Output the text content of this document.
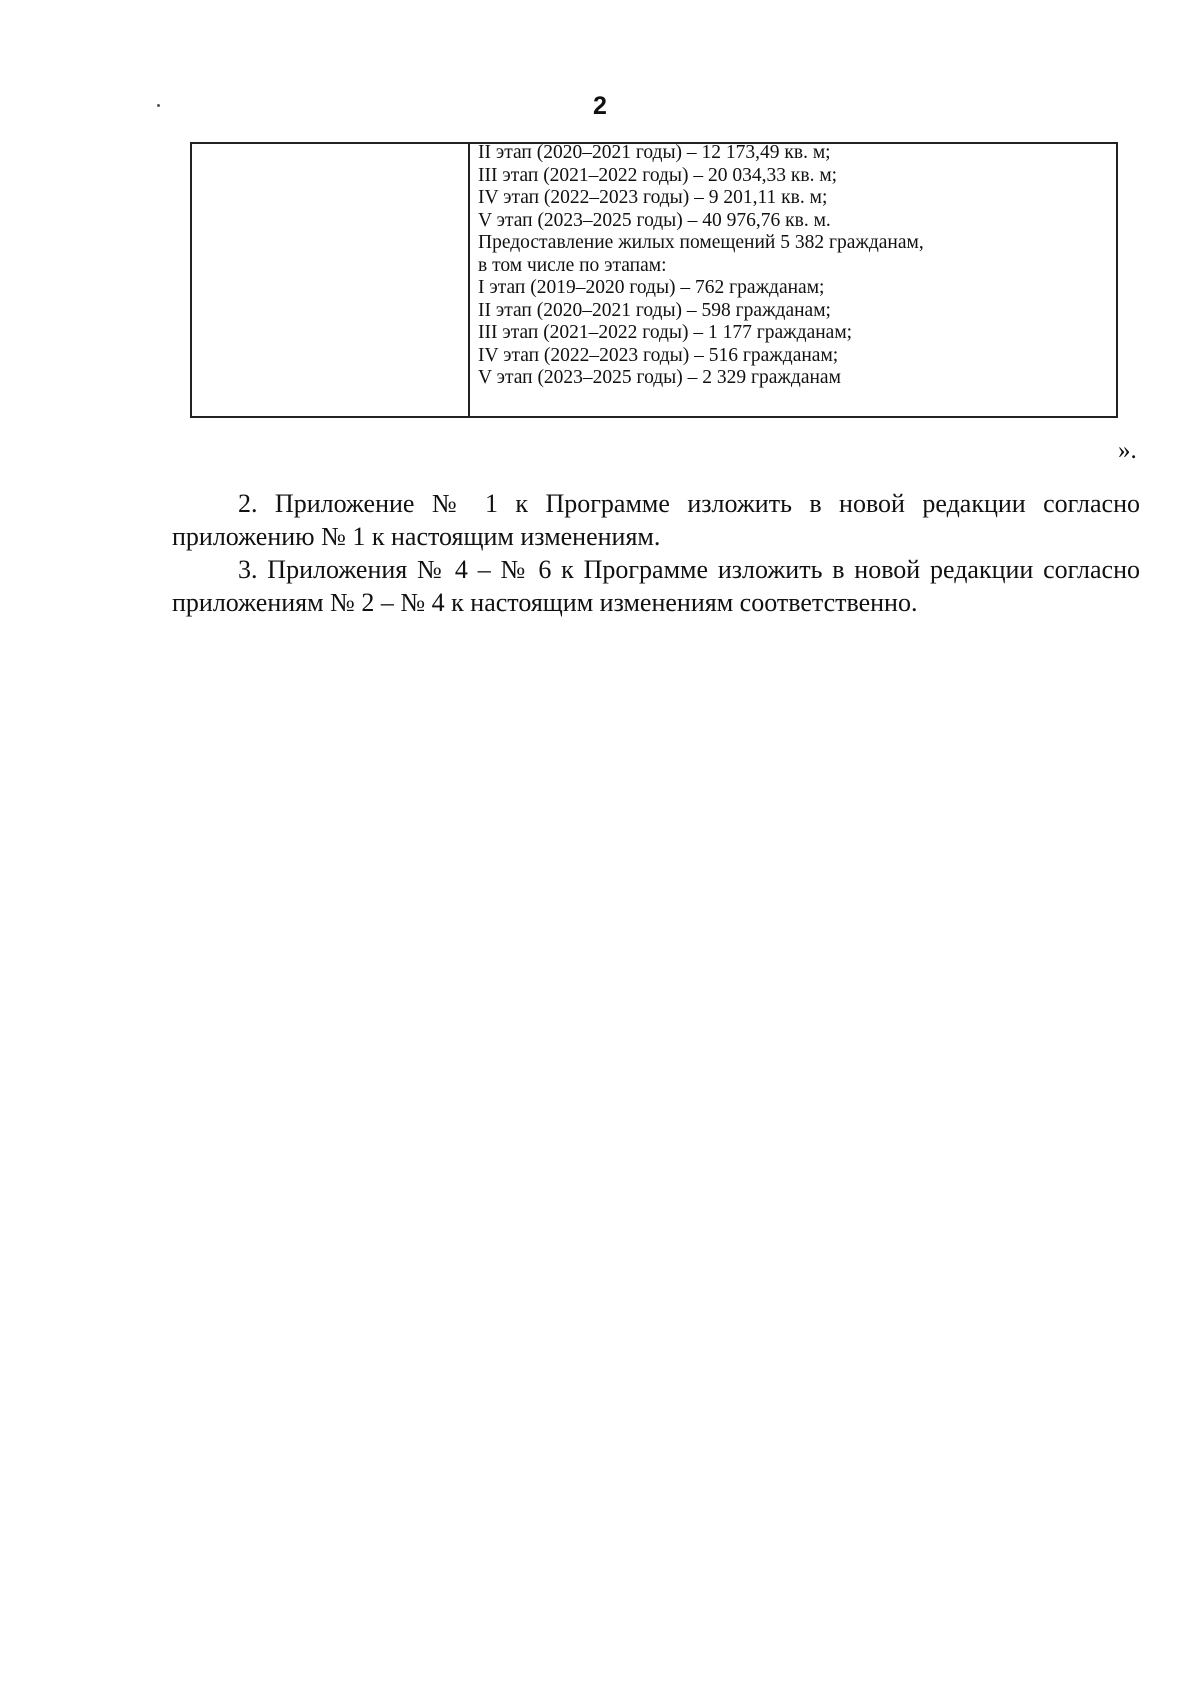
2
II этап (2020–2021 годы) – 12 173,49 кв. м;
III этап (2021–2022 годы) – 20 034,33 кв. м;
IV этап (2022–2023 годы) – 9 201,11 кв. м;
V этап (2023–2025 годы) – 40 976,76 кв. м.
Предоставление жилых помещений 5 382 гражданам,
в том числе по этапам:
I этап (2019–2020 годы) – 762 гражданам;
II этап (2020–2021 годы) – 598 гражданам;
III этап (2021–2022 годы) – 1 177 гражданам;
IV этап (2022–2023 годы) – 516 гражданам;
V этап (2023–2025 годы) – 2 329 гражданам
».

2. Приложение № 1 к Программе изложить в новой редакции согласно приложению № 1 к настоящим изменениям.

3. Приложения № 4 – № 6 к Программе изложить в новой редакции согласно приложениям № 2 – № 4 к настоящим изменениям соответственно.
